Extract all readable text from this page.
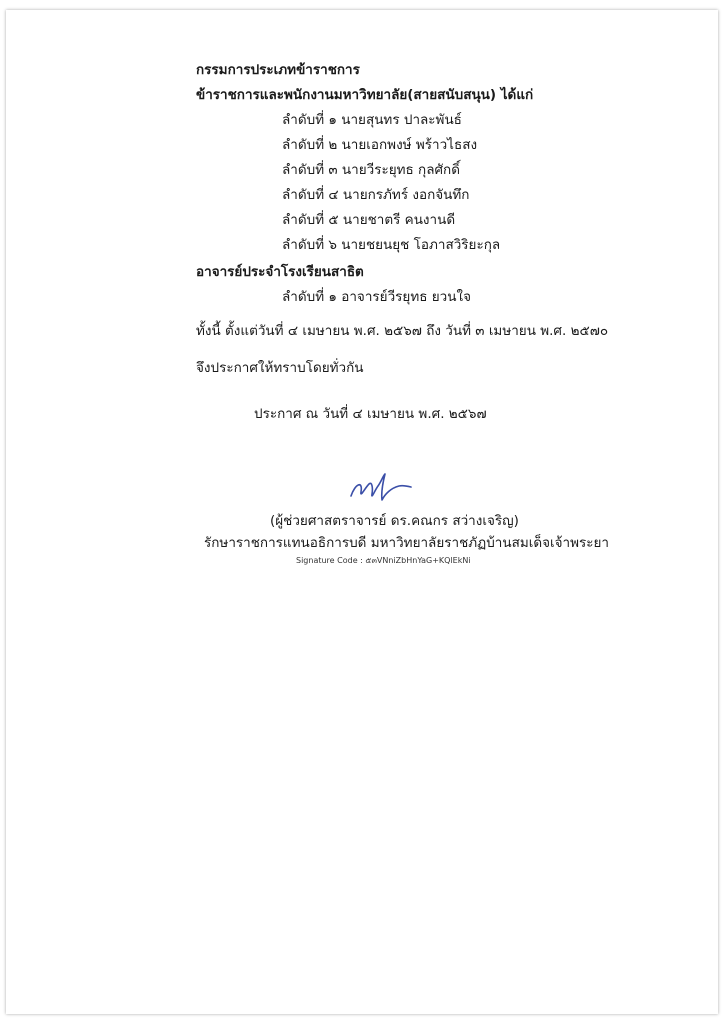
กรรมการประเภทข้าราชการ
ข้าราชการและพนักงานมหาวิทยาลัย(สายสนับสนุน) ได้แก่
ลำดับที่ ๑ นายสุนทร ปาละพันธ์
ลำดับที่ ๒ นายเอกพงษ์ พร้าวไธสง
ลำดับที่ ๓ นายวีระยุทธ กุลศักดิ์
ลำดับที่ ๔ นายกรภัทร์ งอกจันทึก
ลำดับที่ ๕ นายชาตรี คนงานดี
ลำดับที่ ๖ นายชยนยุช โอภาสวิริยะกุล
อาจารย์ประจำโรงเรียนสาธิต
ลำดับที่ ๑ อาจารย์วีรยุทธ ยวนใจ
ทั้งนี้ ตั้งแต่วันที่ ๔ เมษายน พ.ศ. ๒๕๖๗ ถึง วันที่ ๓ เมษายน พ.ศ. ๒๕๗๐
จึงประกาศให้ทราบโดยทั่วกัน
ประกาศ ณ วันที่ ๔ เมษายน พ.ศ. ๒๕๖๗
(ผู้ช่วยศาสตราจารย์ ดร.คณกร สว่างเจริญ)
รักษาราชการแทนอธิการบดี มหาวิทยาลัยราชภัฏบ้านสมเด็จเจ้าพระยา
Signature Code : ๕๓VNniZbHnYaG+KQlEkNi
